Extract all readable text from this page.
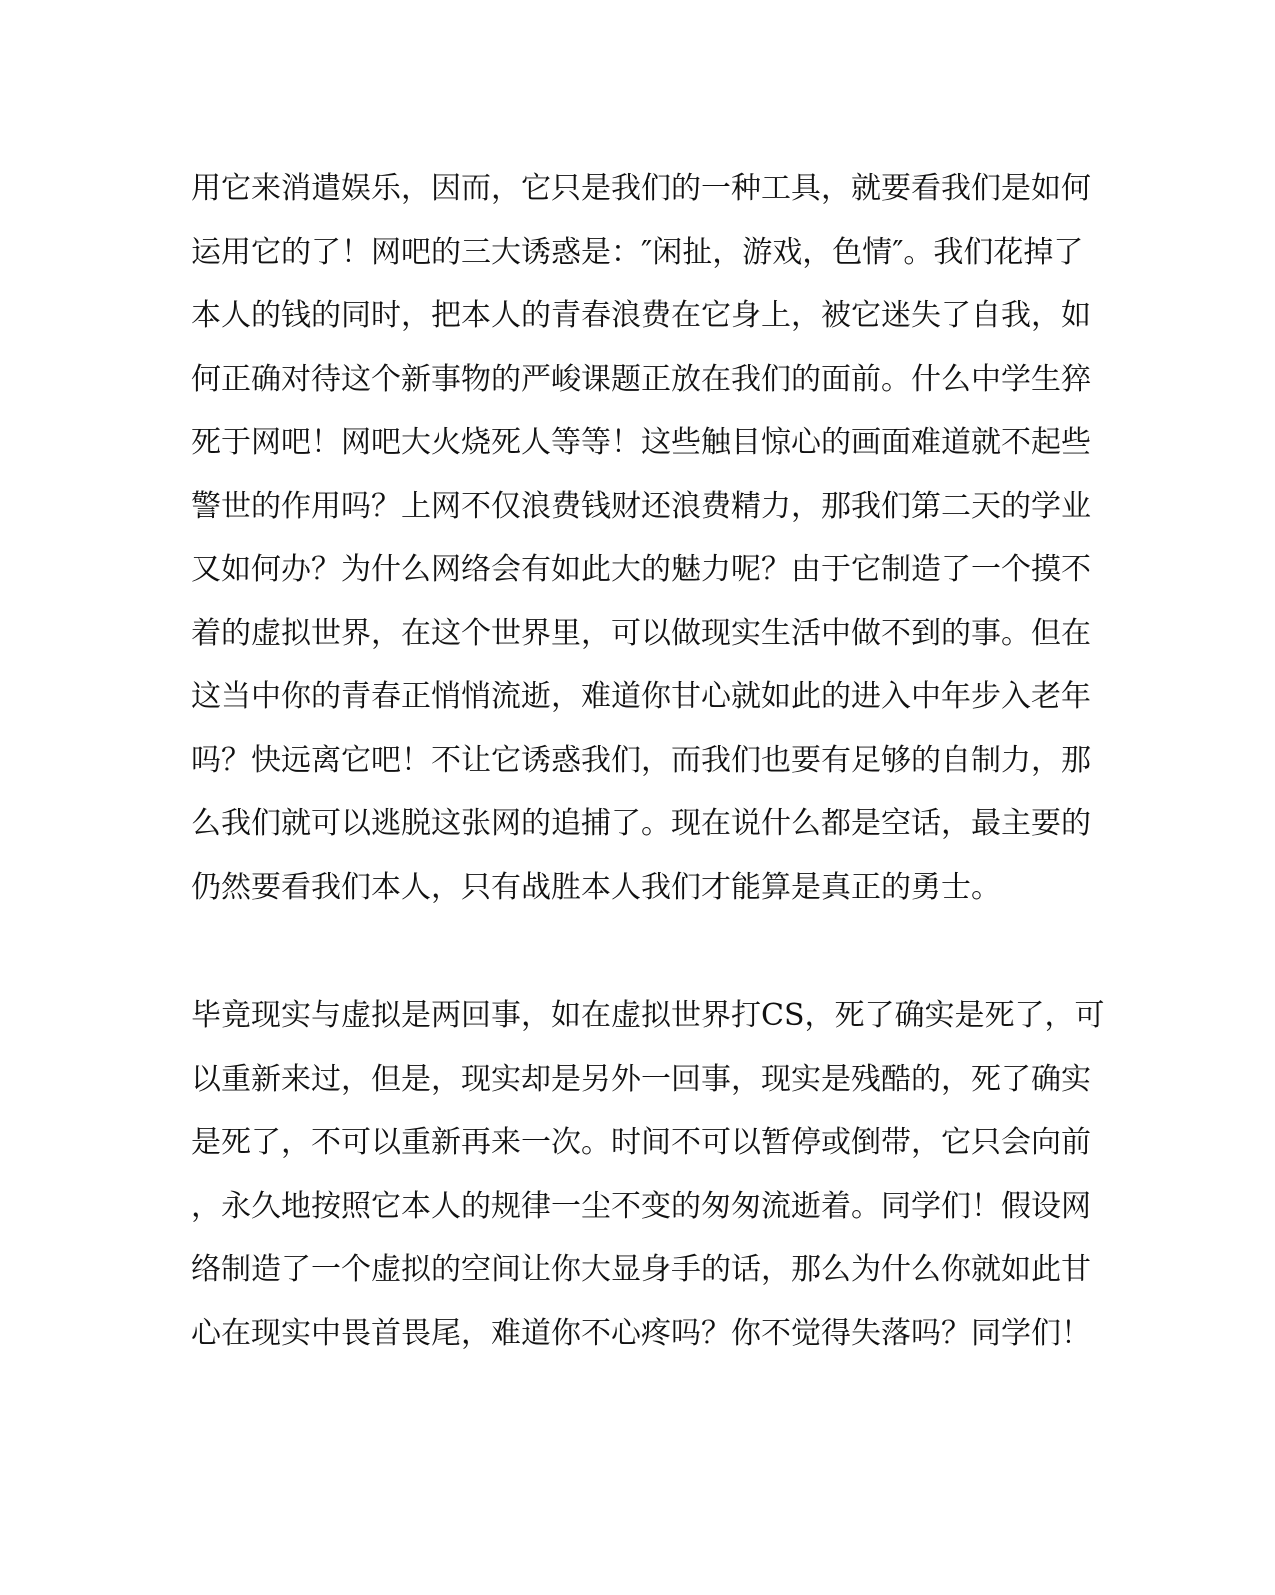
用它来消遣娱乐，因而，它只是我们的一种工具，就要看我们是如何
运用它的了！网吧的三大诱惑是：″闲扯，游戏，色情″。我们花掉了
本人的钱的同时，把本人的青春浪费在它身上，被它迷失了自我，如
何正确对待这个新事物的严峻课题正放在我们的面前。什么中学生猝
死于网吧！网吧大火烧死人等等！这些触目惊心的画面难道就不起些
警世的作用吗？上网不仅浪费钱财还浪费精力，那我们第二天的学业
又如何办？为什么网络会有如此大的魅力呢？由于它制造了一个摸不
着的虚拟世界，在这个世界里，可以做现实生活中做不到的事。但在
这当中你的青春正悄悄流逝，难道你甘心就如此的进入中年步入老年
吗？快远离它吧！不让它诱惑我们，而我们也要有足够的自制力，那
么我们就可以逃脱这张网的追捕了。现在说什么都是空话，最主要的
仍然要看我们本人，只有战胜本人我们才能算是真正的勇士。
毕竟现实与虚拟是两回事，如在虚拟世界打CS，死了确实是死了，可
以重新来过，但是，现实却是另外一回事，现实是残酷的，死了确实
是死了，不可以重新再来一次。时间不可以暂停或倒带，它只会向前
，永久地按照它本人的规律一尘不变的匆匆流逝着。同学们！假设网
络制造了一个虚拟的空间让你大显身手的话，那么为什么你就如此甘
心在现实中畏首畏尾，难道你不心疼吗？你不觉得失落吗？同学们！
